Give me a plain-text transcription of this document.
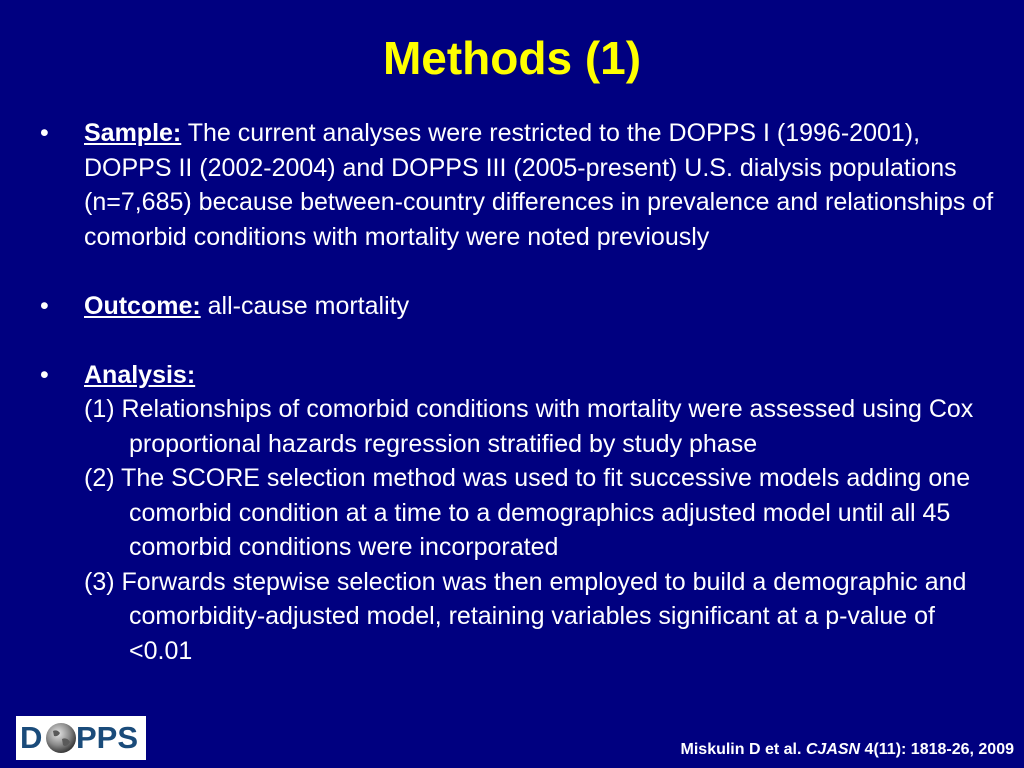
Methods (1)
• Sample: The current analyses were restricted to the DOPPS I (1996-2001), DOPPS II (2002-2004) and DOPPS III (2005-present) U.S. dialysis populations (n=7,685) because between-country differences in prevalence and relationships of comorbid conditions with mortality were noted previously
• Outcome: all-cause mortality
• Analysis:
(1) Relationships of comorbid conditions with mortality were assessed using Cox proportional hazards regression stratified by study phase
(2) The SCORE selection method was used to fit successive models adding one comorbid condition at a time to a demographics adjusted model until all 45 comorbid conditions were incorporated
(3) Forwards stepwise selection was then employed to build a demographic and comorbidity-adjusted model, retaining variables significant at a p-value of <0.01
D PPS	Miskulin D et al. CJASN 4(11): 1818-26, 2009
